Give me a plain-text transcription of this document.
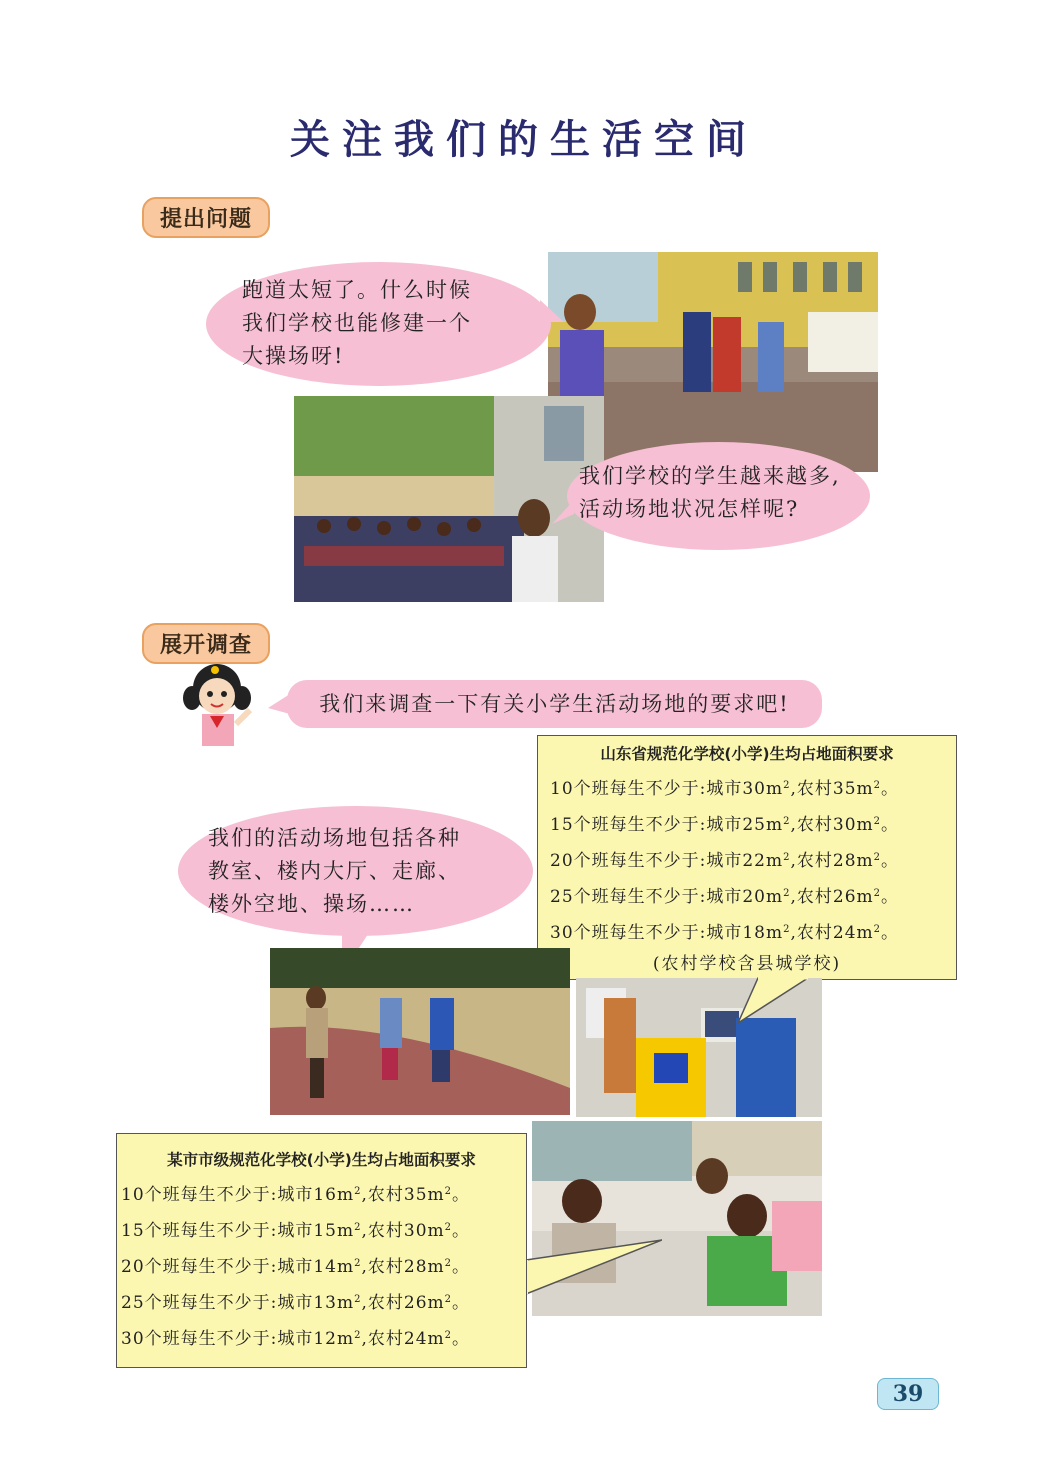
关注我们的生活空间
提出问题
跑道太短了。什么时候
我们学校也能修建一个
大操场呀!
我们学校的学生越来越多,
活动场地状况怎样呢?
展开调查
我们来调查一下有关小学生活动场地的要求吧!
山东省规范化学校(小学)生均占地面积要求
10个班每生不少于:城市$30m^2$,农村$35m^2$。
15个班每生不少于:城市$25m^2$,农村$30m^2$。
20个班每生不少于:城市$22m^2$,农村$28m^2$。
25个班每生不少于:城市$20m^2$,农村$26m^2$。
30个班每生不少于:城市$18m^2$,农村$24m^2$。
(农村学校含县城学校)
我们的活动场地包括各种
教室、楼内大厅、走廊、
楼外空地、操场……
某市市级规范化学校(小学)生均占地面积要求
10个班每生不少于:城市$16m^2$,农村$35m^2$。
15个班每生不少于:城市$15m^2$,农村$30m^2$。
20个班每生不少于:城市$14m^2$,农村$28m^2$。
25个班每生不少于:城市$13m^2$,农村$26m^2$。
30个班每生不少于:城市$12m^2$,农村$24m^2$。
39
